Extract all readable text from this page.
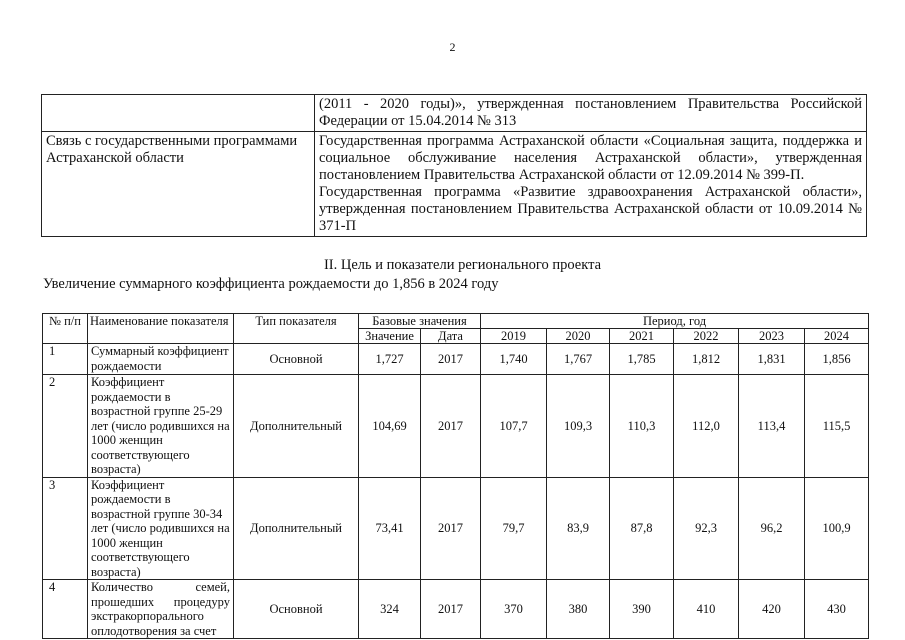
2

	(2011 - 2020 годы)», утвержденная постановлением Правительства Российской Федерации от 15.04.2014 № 313

Связь с государственными программами Астраханской области	Государственная программа Астраханской области «Социальная защита, поддержка и социальное обслуживание населения Астраханской области», утвержденная постановлением Правительства Астраханской области от 12.09.2014 № 399-П.

Государственная программа «Развитие здравоохранения Астраханской области», утвержденная постановлением Правительства Астраханской области от 10.09.2014 № 371-П

II. Цель и показатели регионального проекта
Увеличение суммарного коэффициента рождаемости до 1,856 в 2024 году
№ п/п	Наименование показателя	Тип показателя	Базовые значения		Период, год					
			Значение	Дата	2019	2020	2021	2022	2023	2024
1	Суммарный коэффициент рождаемости	Основной	1,727	2017	1,740	1,767	1,785	1,812	1,831	1,856
2	Коэффициент рождаемости в возрастной группе 25-29 лет (число родившихся на 1000 женщин соответствующего возраста)	Дополнительный	104,69	2017	107,7	109,3	110,3	112,0	113,4	115,5
3	Коэффициент рождаемости в возрастной группе 30-34 лет (число родившихся на 1000 женщин соответствующего возраста)	Дополнительный	73,41	2017	79,7	83,9	87,8	92,3	96,2	100,9
4	Количество семей, прошедших процедуру экстракорпорального оплодотворения за счет	Основной	324	2017	370	380	390	410	420	430
